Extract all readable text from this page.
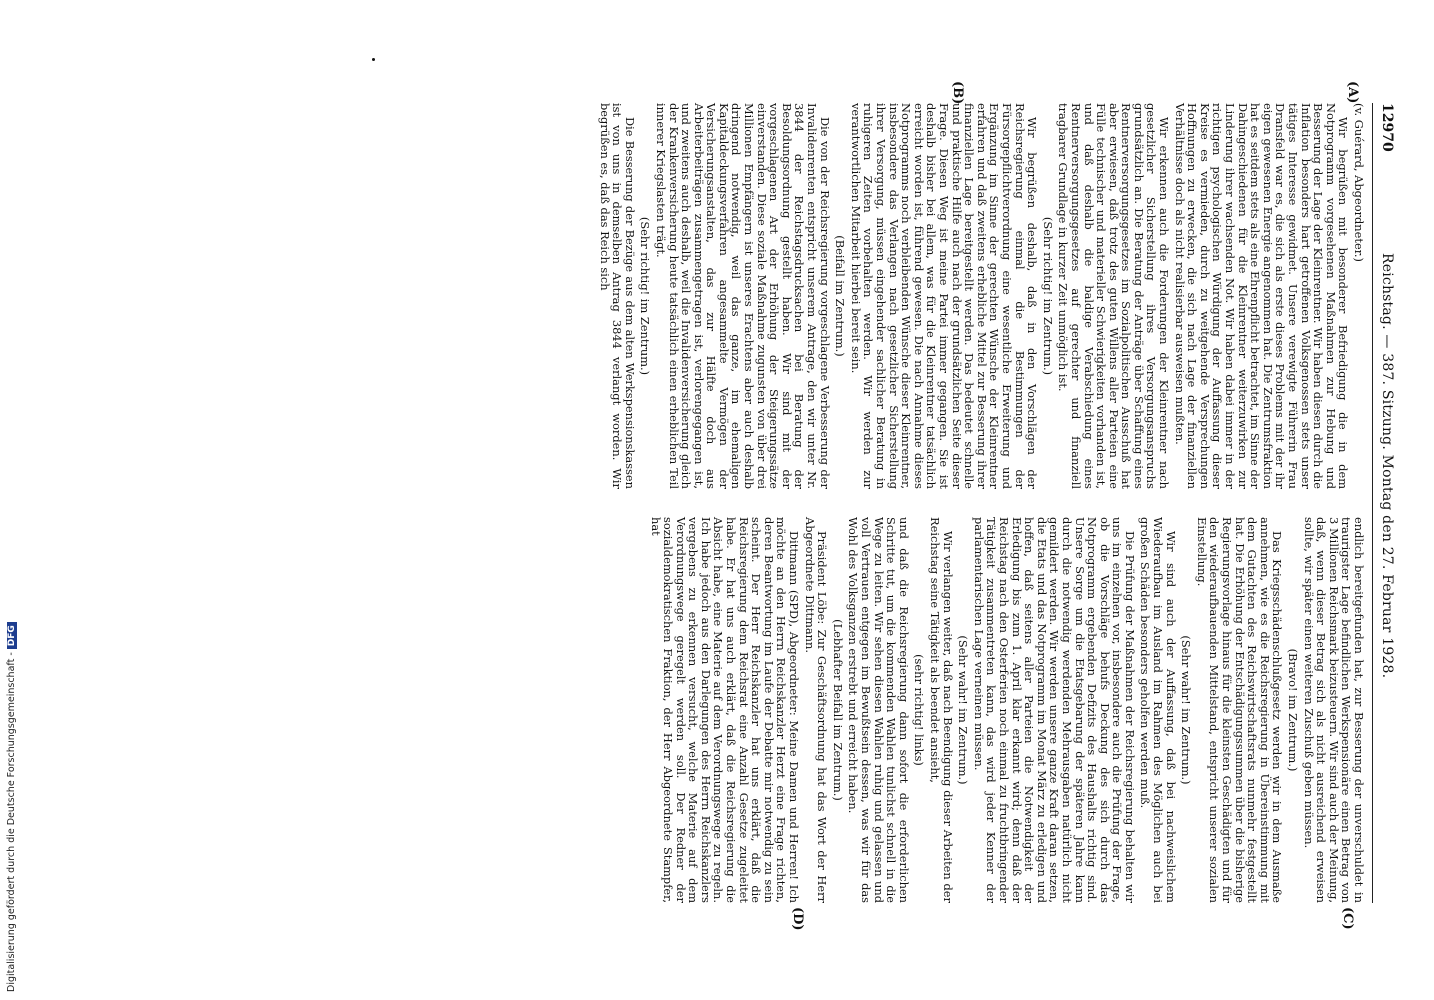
12970
Reichstag. — 387. Sitzung. Montag den 27. Februar 1928.
(A)
(B)
(C)
(D)

(v. Guérard, Abgeordneter.)

Wir begrüßen mit besonderer Befriedigung die in dem Notprogramm vorgesehenen Maßnahmen zur Hebung und Besserung der Lage der Kleinrentner. Wir haben diesen durch die Inflation besonders hart getroffenen Volksgenossen stets unser tätiges Interesse gewidmet. Unsere verewigte Führerin Frau Dransfeld war es, die sich als erste dieses Problems mit der ihr eigen gewesenen Energie angenommen hat. Die Zentrumsfraktion hat es seitdem stets als eine Ehrenpflicht betrachtet, im Sinne der Dahingeschiedenen für die Kleinrentner weiterzuwirken zur Linderung ihrer wachsenden Not. Wir haben dabei immer in der richtigen psychologischen Würdigung der Auffassung dieser Kreise es vermieden, durch zu weitgehende Versprechungen Hoffnungen zu erwecken, die sich nach Lage der finanziellen Verhältnisse doch als nicht realisierbar ausweisen mußten.

Wir erkennen auch die Forderungen der Kleinrentner nach gesetzlicher Sicherstellung ihres Versorgungsanspruchs grundsätzlich an. Die Beratung der Anträge über Schaffung eines Rentnerversorgungsgesetzes im Sozialpolitischen Ausschuß hat aber erwiesen, daß trotz des guten Willens aller Parteien eine Fülle technischer und materieller Schwierigkeiten vorhanden ist, und daß deshalb die baldige Verabschiedung eines Rentnerversorgungsgesetzes auf gerechter und finanziell tragbarer Grundlage in kurzer Zeit unmöglich ist.

(Sehr richtig! im Zentrum.)

Wir begrüßen deshalb, daß in den Vorschlägen der Reichsregierung einmal die Bestimmungen der Fürsorgepflichtverordnung eine wesentliche Erweiterung und Ergänzung im Sinne der gerechten Wünsche der Kleinrentner erfahren und daß zweitens erhebliche Mittel zur Besserung ihrer finanziellen Lage bereitgestellt werden. Das bedeutet schnelle und praktische Hilfe auch nach der grundsätzlichen Seite dieser Frage. Diesen Weg ist meine Partei immer gegangen. Sie ist deshalb bisher bei allem, was für die Kleinrentner tatsächlich erreicht worden ist, führend gewesen. Die nach Annahme dieses Notprogramms noch verbleibenden Wünsche dieser Kleinrentner, insbesondere das Verlangen nach gesetzlicher Sicherstellung ihrer Versorgung, müssen eingehender sachlicher Beratung in ruhigeren Zeiten vorbehalten werden. Wir werden zur verantwortlichen Mitarbeit hierbei bereit sein.

(Beifall im Zentrum.)

Die von der Reichsregierung vorgeschlagene Verbesserung der Invalidenrenten entspricht unserem Antrage, den wir unter Nr. 3844 der Reichstagsdrucksachen bei Beratung der Besoldungsordnung gestellt haben. Wir sind mit der vorgeschlagenen Art der Erhöhung der Steigerungssätze einverstanden. Diese soziale Maßnahme zugunsten von über drei Millionen Empfängern ist unseres Erachtens aber auch deshalb dringend notwendig, weil das ganze, im ehemaligen Kapitaldeckungsverfahren angesammelte Vermögen der Versicherungsanstalten, das zur Hälfte doch aus Arbeiterbeiträgen zusammengetragen ist, verlorengegangen ist, und zweitens auch deshalb, weil die Invalidenversicherung gleich der Krankenversicherung heute tatsächlich einen erheblichen Teil innerer Kriegslasten trägt.

(Sehr richtig! im Zentrum.)

Die Besserung der Bezüge aus dem alten Werkspensionskassen ist von uns in demselben Antrag 3844 verlangt worden. Wir begrüßen es, daß das Reich sich

endlich bereitgefunden hat, zur Besserung der unverschuldet in traurigster Lage befindlichen Werkspensionäre einen Betrag von 3 Millionen Reichsmark beizusteuern. Wir sind auch der Meinung, daß, wenn dieser Betrag sich als nicht ausreichend erweisen sollte, wir später einen weiteren Zuschuß geben müssen.

(Bravo! im Zentrum.)

Das Kriegsschädenschlußgesetz werden wir in dem Ausmaße annehmen, wie es die Reichsregierung in Übereinstimmung mit dem Gutachten des Reichswirtschaftsrats nunmehr festgestellt hat. Die Erhöhung der Entschädigungssummen über die bisherige Regierungsvorlage hinaus für die kleinsten Geschädigten und für den wiederaufbauenden Mittelstand, entspricht unserer sozialen Einstellung.

(Sehr wahr! im Zentrum.)

Wir sind auch der Auffassung, daß bei nachweislichem Wiederaufbau im Ausland im Rahmen des Möglichen auch bei großen Schäden besonders geholfen werden muß.

Die Prüfung der Maßnahmen der Reichsregierung behalten wir uns im einzelnen vor, insbesondere auch die Prüfung der Frage, ob die Vorschläge behufs Deckung des sich durch das Notprogramm ergebenden Defizits des Haushalts richtig sind. Unsere Sorge um die Etatsgebarung der späteren Jahre kann durch die notwendig werdenden Mehrausgaben natürlich nicht gemildert werden. Wir werden unsere ganze Kraft daran setzen, die Etats und das Notprogramm im Monat März zu erledigen und hoffen, daß seitens aller Parteien die Notwendigkeit der Erledigung bis zum 1. April klar erkannt wird; denn daß der Reichstag nach den Osterferien noch einmal zu fruchtbringender Tätigkeit zusammentreten kann, das wird jeder Kenner der parlamentarischen Lage verneinen müssen.

(Sehr wahr! im Zentrum.)

Wir verlangen weiter, daß nach Beendigung dieser Arbeiten der Reichstag seine Tätigkeit als beendet ansieht,

(sehr richtig! links)

und daß die Reichsregierung dann sofort die erforderlichen Schritte tut, um die kommenden Wahlen tunlichst schnell in die Wege zu leiten. Wir sehen diesen Wahlen ruhig und gelassen und voll Vertrauen entgegen im Bewußtsein dessen, was wir für das Wohl des Volksganzen erstrebt und erreicht haben.

(Lebhafter Beifall im Zentrum.)

Präsident Löbe: Zur Geschäftsordnung hat das Wort der Herr Abgeordnete Dittmann.

Dittmann (SPD), Abgeordneter: Meine Damen und Herren! Ich möchte an den Herrn Reichskanzler Herzt eine Frage richten, deren Beantwortung im Laufe der Debatte mir notwendig zu sein scheint. Der Herr Reichskanzler hat uns erklärt, daß die Reichsregierung dem Reichsrat eine Anzahl Gesetze zugeleitet habe. Er hat uns auch erklärt, daß die Reichsregierung die Absicht habe, eine Materie auf dem Verordnungswege zu regeln. Ich habe jedoch aus den Darlegungen des Herrn Reichskanzlers vergebens zu erkennen versucht, welche Materie auf dem Verordnungswege geregelt werden soll. Der Redner der sozialdemokratischen Fraktion, der Herr Abgeordnete Stampfer, hat

Digitalisierung gefördert durch die Deutsche Forschungsgemeinschaft -DFG
